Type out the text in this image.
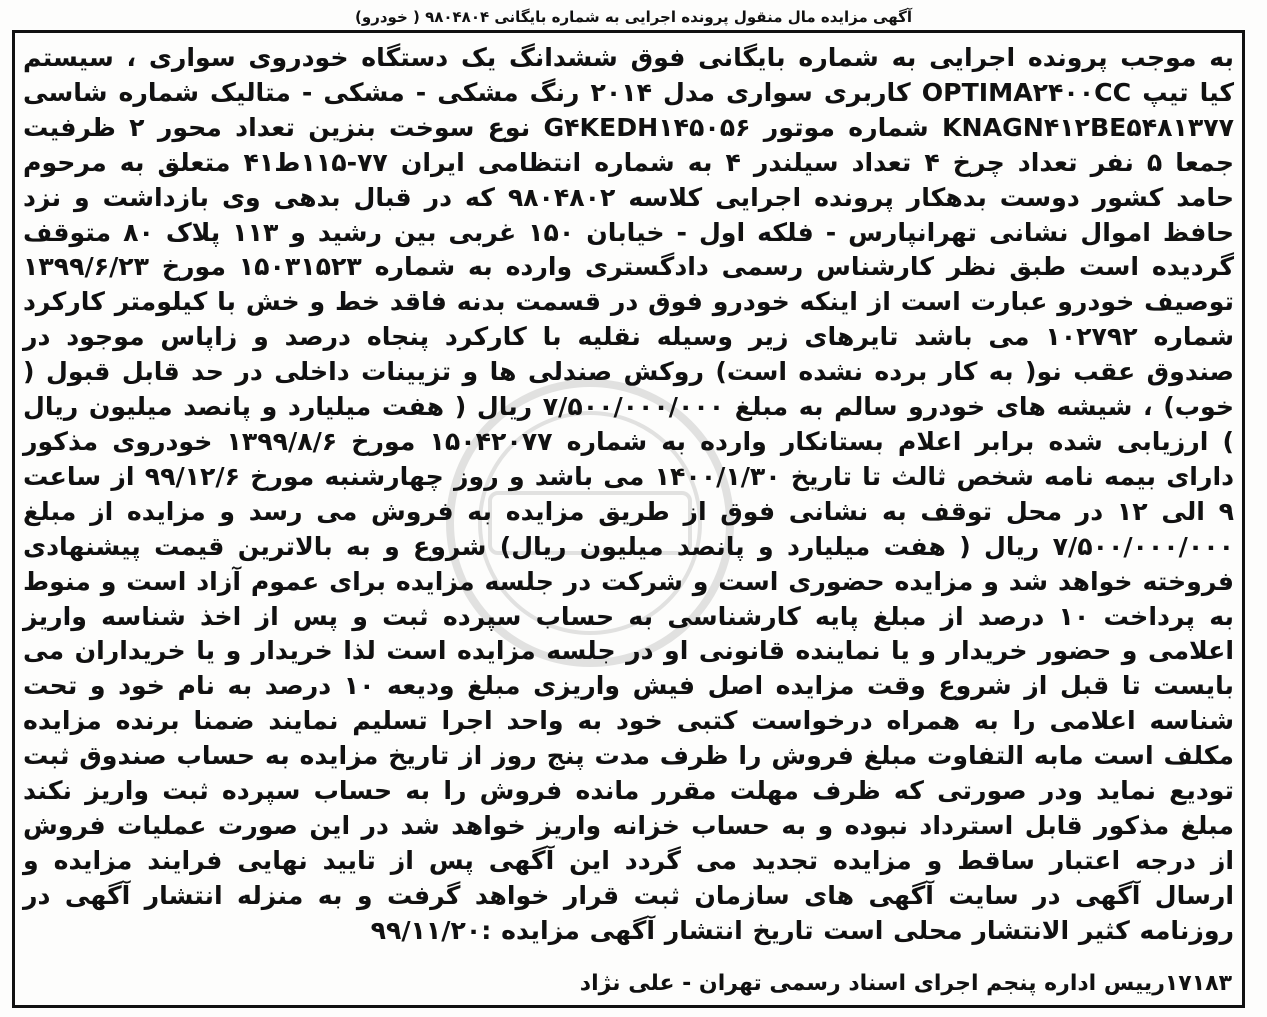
آگهی مزایده مال منقول پرونده اجرایی به شماره بایگانی ۹۸۰۴۸۰۴ ( خودرو)

به موجب پرونده اجرایی به شماره بایگانی فوق ششدانگ یک دستگاه خودروی سواری ، سیستم کیا تیپ OPTIMA۲۴۰۰CC کاربری سواری مدل ۲۰۱۴ رنگ مشکی - مشکی - متالیک شماره شاسی KNAGN۴۱۲BE۵۴۸۱۳۷۷ شماره موتور G۴KEDH۱۴۵۰۵۶ نوع سوخت بنزین تعداد محور ۲ ظرفیت جمعا ۵ نفر تعداد چرخ ۴ تعداد سیلندر ۴ به شماره انتظامی ایران ۷۷-۱۱۵ط۴۱ متعلق به مرحوم حامد کشور دوست بدهکار پرونده اجرایی کلاسه ۹۸۰۴۸۰۲ که در قبال بدهی وی بازداشت و نزد حافظ اموال نشانی تهرانپارس - فلکه اول - خیابان ۱۵۰ غربی بین رشید و ۱۱۳ پلاک ۸۰ متوقف گردیده است طبق نظر کارشناس رسمی دادگستری وارده به شماره ۱۵۰۳۱۵۲۳ مورخ ۱۳۹۹/۶/۲۳ توصیف خودرو عبارت است از اینکه خودرو فوق در قسمت بدنه فاقد خط و خش با کیلومتر کارکرد شماره ۱۰۲۷۹۲ می باشد تایرهای زیر وسیله نقلیه با کارکرد پنجاه درصد و زاپاس موجود در صندوق عقب نو( به کار برده نشده است) روکش صندلی ها و تزیینات داخلی در حد قابل قبول ( خوب) ، شیشه های خودرو سالم به مبلغ ۷/۵۰۰/۰۰۰/۰۰۰ ریال ( هفت میلیارد و پانصد میلیون ریال ) ارزیابی شده برابر اعلام بستانکار وارده به شماره ۱۵۰۴۲۰۷۷ مورخ ۱۳۹۹/۸/۶ خودروی مذکور دارای بیمه نامه شخص ثالث تا تاریخ ۱۴۰۰/۱/۳۰ می باشد و روز چهارشنبه مورخ ۹۹/۱۲/۶ از ساعت ۹ الی ۱۲ در محل توقف به نشانی فوق از طریق مزایده به فروش می رسد و مزایده از مبلغ ۷/۵۰۰/۰۰۰/۰۰۰ ریال ( هفت میلیارد و پانصد میلیون ریال) شروع و به بالاترین قیمت پیشنهادی فروخته خواهد شد و مزایده حضوری است و شرکت در جلسه مزایده برای عموم آزاد است و منوط به پرداخت ۱۰ درصد از مبلغ پایه کارشناسی به حساب سپرده ثبت و پس از اخذ شناسه واریز اعلامی و حضور خریدار و یا نماینده قانونی او در جلسه مزایده است لذا خریدار و یا خریداران می بایست تا قبل از شروع وقت مزایده اصل فیش واریزی مبلغ ودیعه ۱۰ درصد به نام خود و تحت شناسه اعلامی را به همراه درخواست کتبی خود به واحد اجرا تسلیم نمایند ضمنا برنده مزایده مکلف است مابه التفاوت مبلغ فروش را ظرف مدت پنج روز از تاریخ مزایده به حساب صندوق ثبت تودیع نماید ودر صورتی که ظرف مهلت مقرر مانده فروش را به حساب سپرده ثبت واریز نکند مبلغ مذکور قابل استرداد نبوده و به حساب خزانه واریز خواهد شد در این صورت عملیات فروش از درجه اعتبار ساقط و مزایده تجدید می گردد این آگهی پس از تایید نهایی فرایند مزایده و ارسال آگهی در سایت آگهی های سازمان ثبت قرار خواهد گرفت و به منزله انتشار آگهی در روزنامه کثیر الانتشار محلی است تاریخ انتشار آگهی مزایده :۹۹/۱۱/۲۰

۱۷۱۸۳رییس اداره پنجم اجرای اسناد رسمی تهران - علی نژاد
